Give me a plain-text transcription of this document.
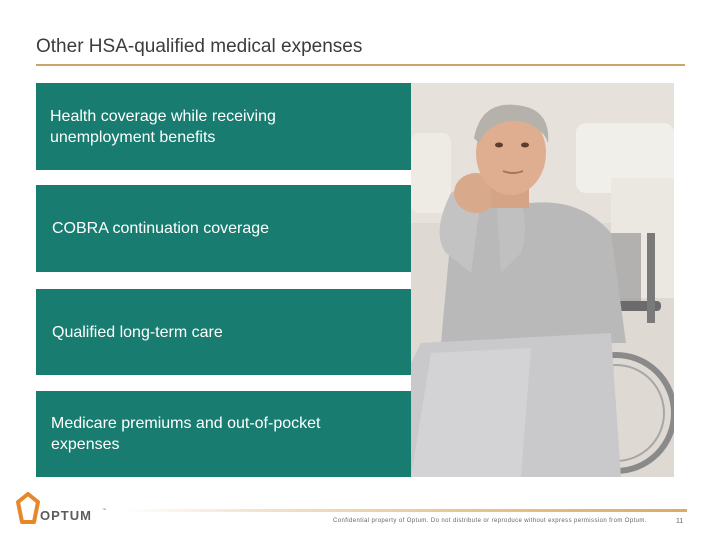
Other HSA-qualified medical expenses
Health coverage while receiving unemployment benefits
COBRA continuation coverage
Qualified long-term care
Medicare premiums and out-of-pocket expenses
OPTUM	™
Confidential property of Optum. Do not distribute or reproduce without express permission from Optum.	11
